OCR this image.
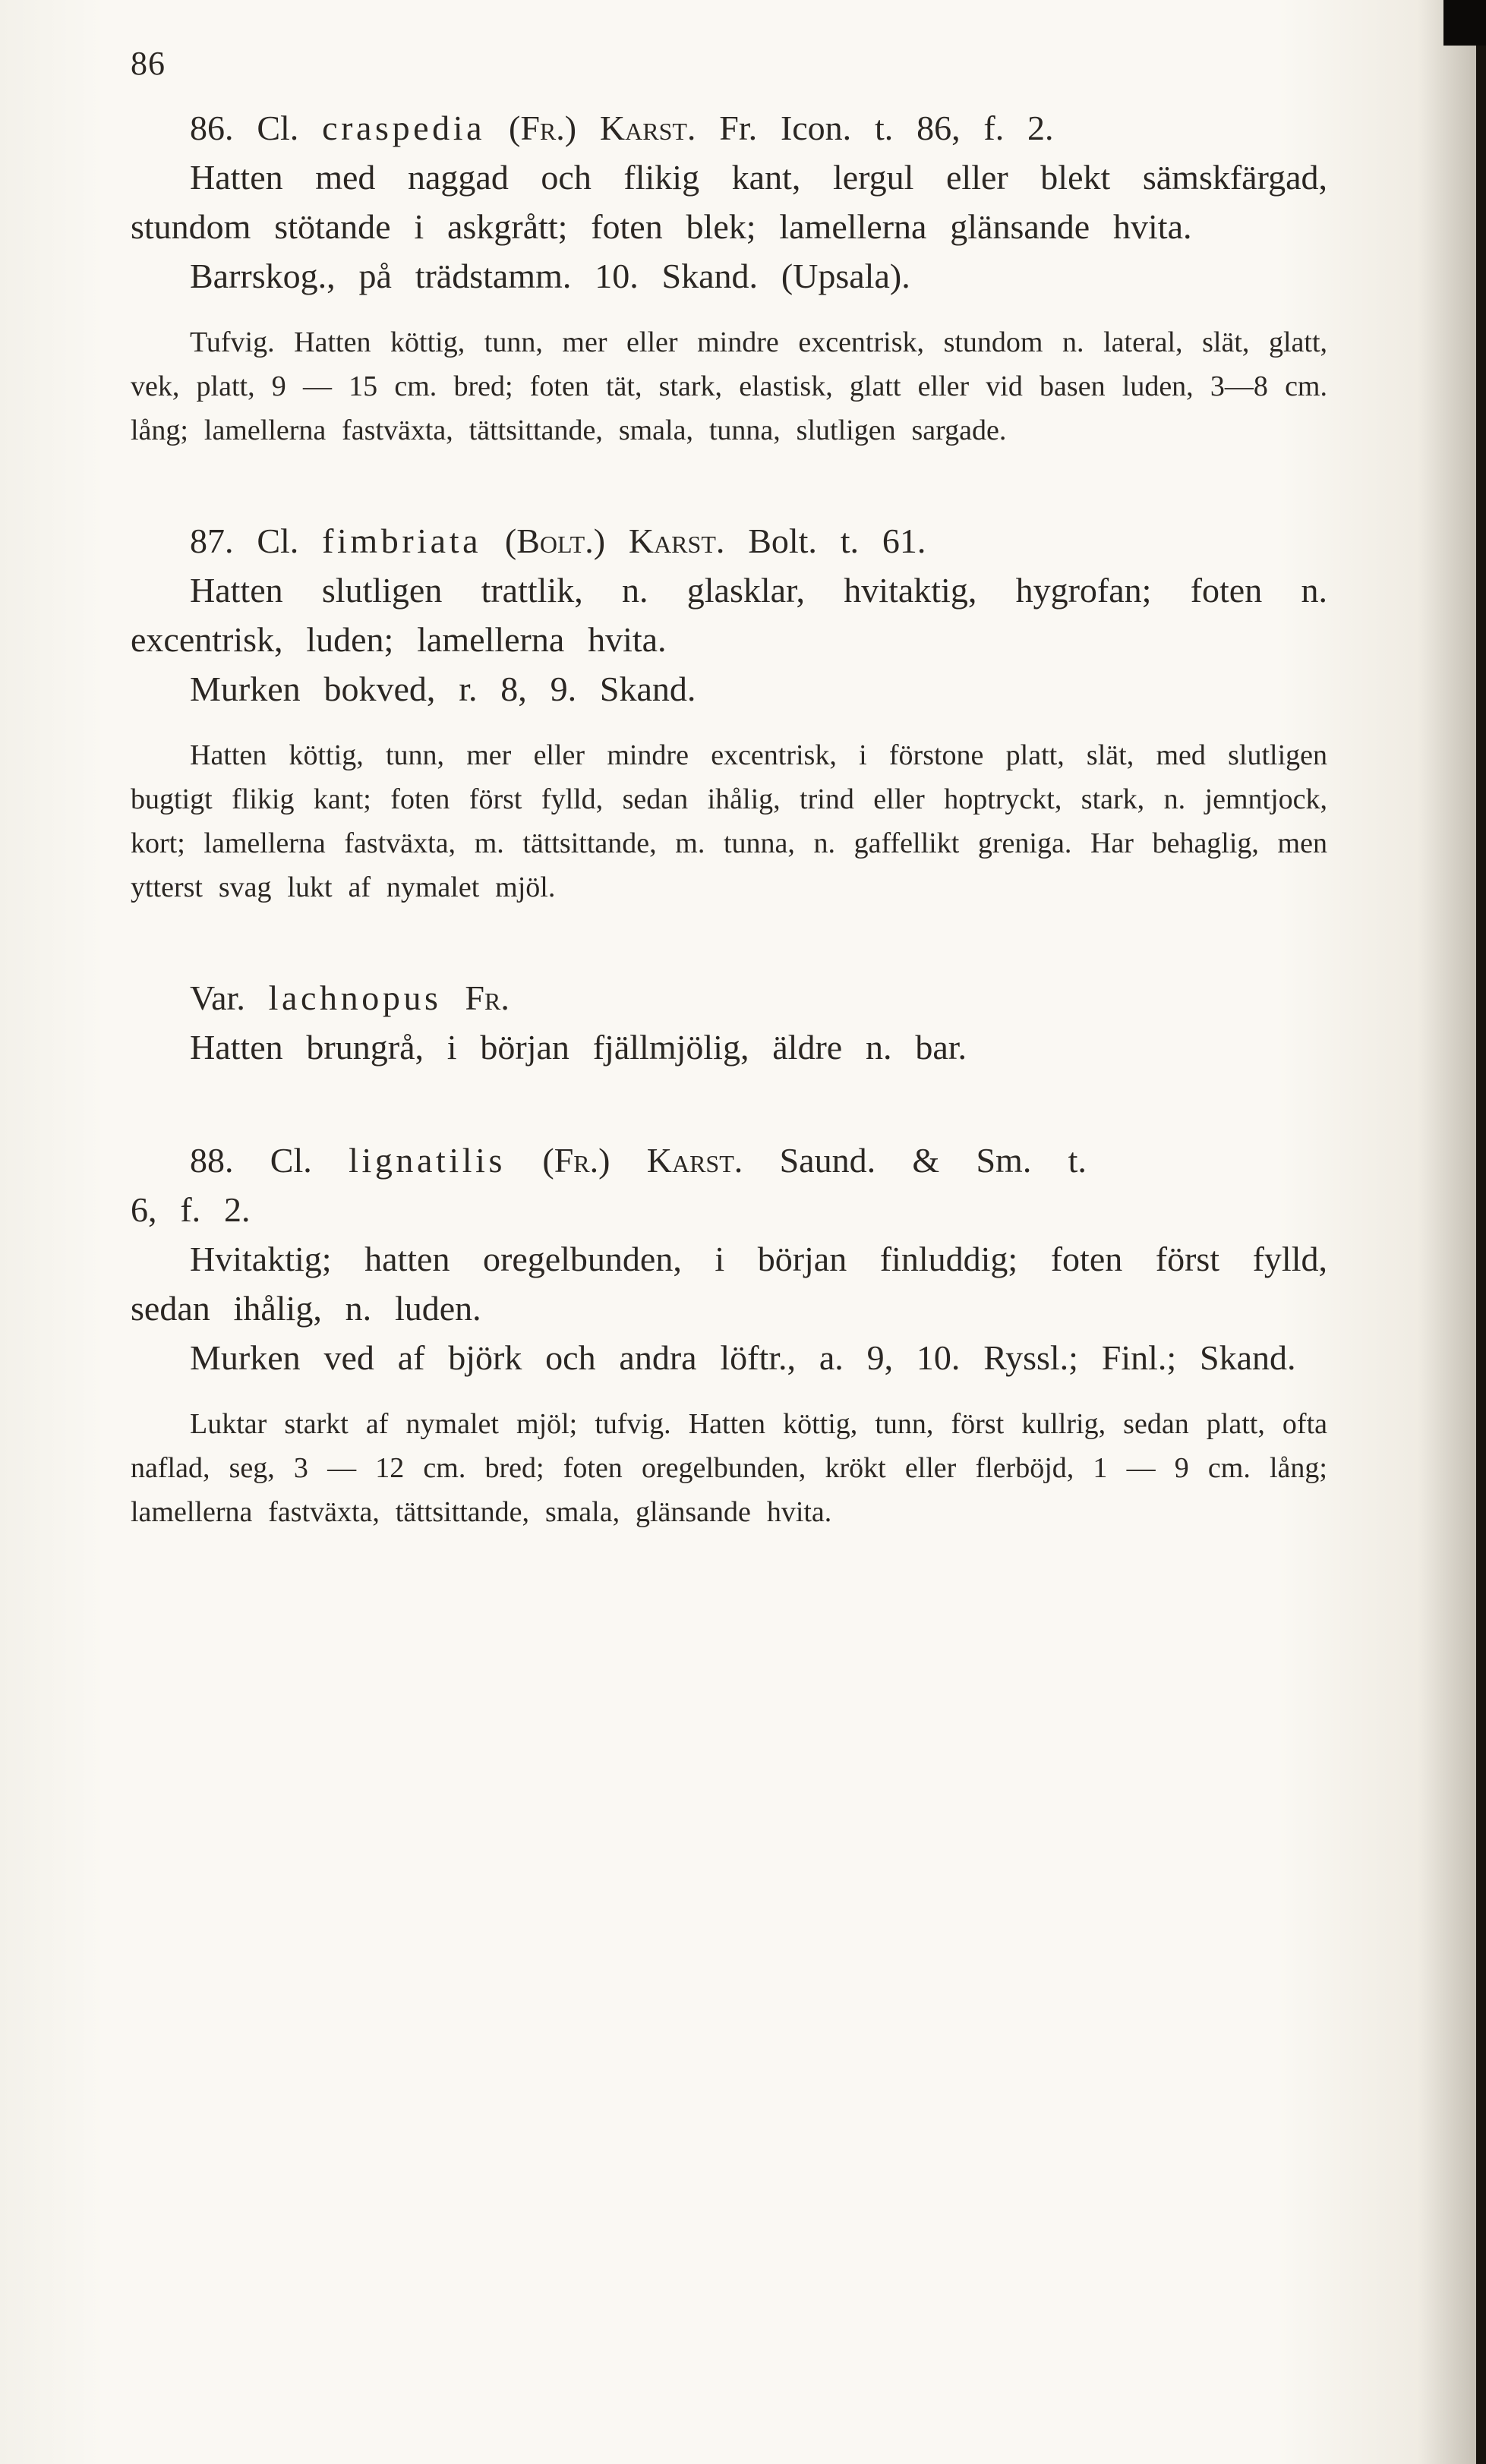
86

86. Cl. craspedia (Fr.) Karst. Fr. Icon. t. 86, f. 2.

Hatten med naggad och flikig kant, lergul eller blekt sämskfärgad, stundom stötande i askgrått; foten blek; lamellerna glänsande hvita.

Barrskog., på trädstamm. 10. Skand. (Upsala).

Tufvig. Hatten köttig, tunn, mer eller mindre excentrisk, stundom n. lateral, slät, glatt, vek, platt, 9 — 15 cm. bred; foten tät, stark, elastisk, glatt eller vid basen luden, 3—8 cm. lång; lamellerna fastväxta, tättsittande, smala, tunna, slutligen sargade.

87. Cl. fimbriata (Bolt.) Karst. Bolt. t. 61.

Hatten slutligen trattlik, n. glasklar, hvitaktig, hygrofan; foten n. excentrisk, luden; lamellerna hvita.

Murken bokved, r. 8, 9. Skand.

Hatten köttig, tunn, mer eller mindre excentrisk, i förstone platt, slät, med slutligen bugtigt flikig kant; foten först fylld, sedan ihålig, trind eller hoptryckt, stark, n. jemntjock, kort; lamellerna fastväxta, m. tättsittande, m. tunna, n. gaffellikt greniga. Har behaglig, men ytterst svag lukt af nymalet mjöl.

Var. lachnopus Fr.

Hatten brungrå, i början fjällmjölig, äldre n. bar.

88. Cl. lignatilis (Fr.) Karst. Saund. & Sm. t.
6, f. 2.

Hvitaktig; hatten oregelbunden, i början finluddig; foten först fylld, sedan ihålig, n. luden.

Murken ved af björk och andra löftr., a. 9, 10. Ryssl.; Finl.; Skand.

Luktar starkt af nymalet mjöl; tufvig. Hatten köttig, tunn, först kullrig, sedan platt, ofta naflad, seg, 3 — 12 cm. bred; foten oregelbunden, krökt eller flerböjd, 1 — 9 cm. lång; lamellerna fastväxta, tättsittande, smala, glänsande hvita.
